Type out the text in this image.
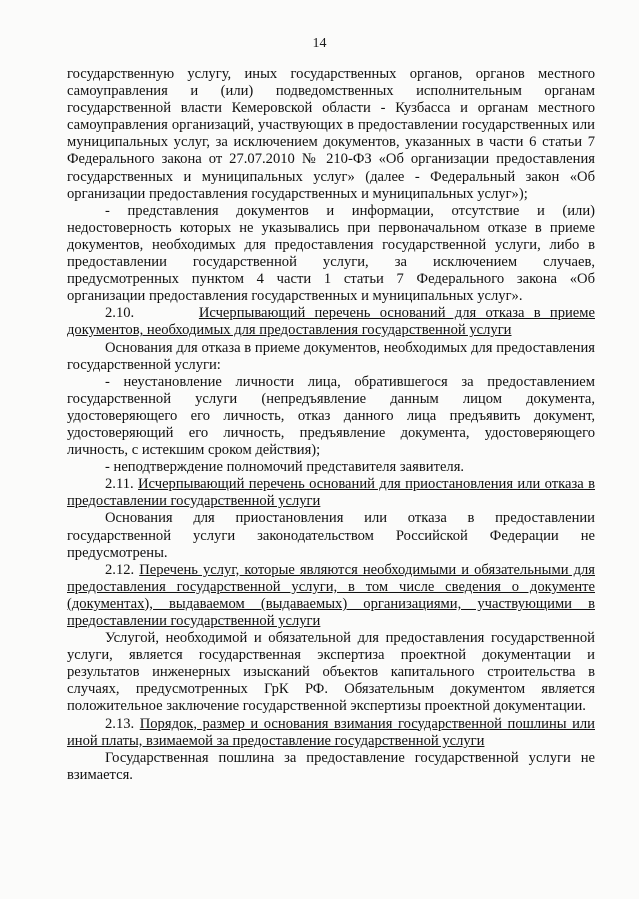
14

государственную услугу, иных государственных органов, органов местного самоуправления и (или) подведомственных исполнительным органам государственной власти Кемеровской области - Кузбасса и органам местного самоуправления организаций, участвующих в предоставлении государственных или муниципальных услуг, за исключением документов, указанных в части 6 статьи 7 Федерального закона от 27.07.2010 № 210-ФЗ «Об организации предоставления государственных и муниципальных услуг» (далее - Федеральный закон «Об организации предоставления государственных и муниципальных услуг»);

- представления документов и информации, отсутствие и (или) недостоверность которых не указывались при первоначальном отказе в приеме документов, необходимых для предоставления государственной услуги, либо в предоставлении государственной услуги, за исключением случаев, предусмотренных пунктом 4 части 1 статьи 7 Федерального закона «Об организации предоставления государственных и муниципальных услуг».

2.10.	Исчерпывающий перечень оснований для отказа в приеме документов, необходимых для предоставления государственной услуги

Основания для отказа в приеме документов, необходимых для предоставления государственной услуги:

- неустановление личности лица, обратившегося за предоставлением государственной услуги (непредъявление данным лицом документа, удостоверяющего его личность, отказ данного лица предъявить документ, удостоверяющий его личность, предъявление документа, удостоверяющего личность, с истекшим сроком действия);

- неподтверждение полномочий представителя заявителя.

2.11. Исчерпывающий перечень оснований для приостановления или отказа в предоставлении государственной услуги

Основания для приостановления или отказа в предоставлении государственной услуги законодательством Российской Федерации не предусмотрены.

2.12. Перечень услуг, которые являются необходимыми и обязательными для предоставления государственной услуги, в том числе сведения о документе (документах), выдаваемом (выдаваемых) организациями, участвующими в предоставлении государственной услуги

Услугой, необходимой и обязательной для предоставления государственной услуги, является государственная экспертиза проектной документации и результатов инженерных изысканий объектов капитального строительства в случаях, предусмотренных ГрК РФ. Обязательным документом является положительное заключение государственной экспертизы проектной документации.

2.13. Порядок, размер и основания взимания государственной пошлины или иной платы, взимаемой за предоставление государственной услуги

Государственная пошлина за предоставление государственной услуги не взимается.
